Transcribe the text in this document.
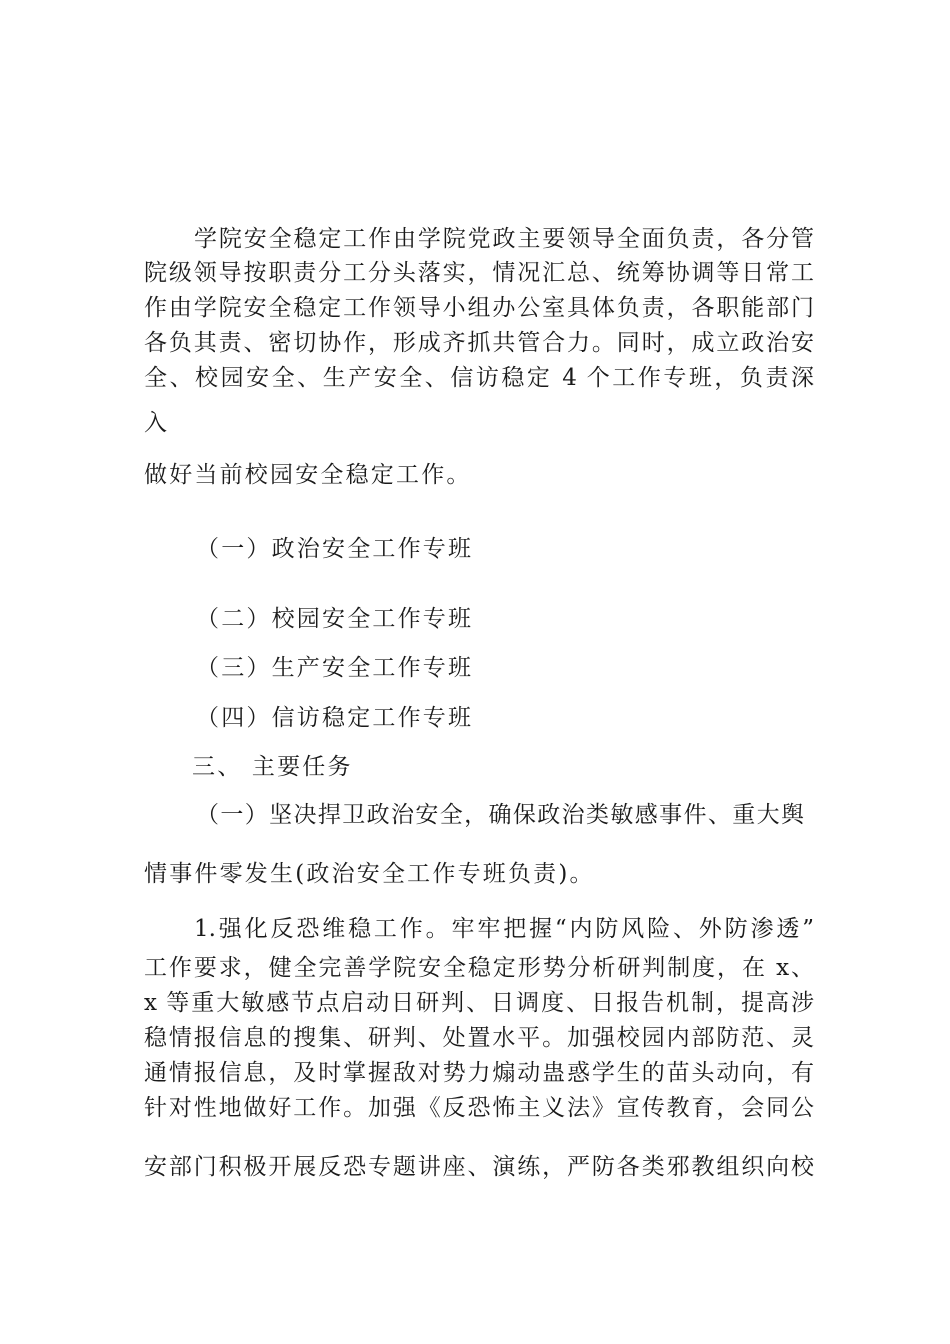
学院安全稳定工作由学院党政主要领导全面负责，各分管
院级领导按职责分工分头落实，情况汇总、统筹协调等日常工
作由学院安全稳定工作领导小组办公室具体负责，各职能部门
各负其责、密切协作，形成齐抓共管合力。同时，成立政治安
全、校园安全、生产安全、信访稳定 4 个工作专班，负责深
入
做好当前校园安全稳定工作。
（一）政治安全工作专班
（二）校园安全工作专班
（三）生产安全工作专班
（四）信访稳定工作专班
三、 主要任务
（一）坚决捍卫政治安全，确保政治类敏感事件、重大舆
情事件零发生(政治安全工作专班负责)。
1.强化反恐维稳工作。牢牢把握“内防风险、外防渗透”
工作要求，健全完善学院安全稳定形势分析研判制度，在 x、
x 等重大敏感节点启动日研判、日调度、日报告机制，提高涉
稳情报信息的搜集、研判、处置水平。加强校园内部防范、灵
通情报信息，及时掌握敌对势力煽动蛊惑学生的苗头动向，有
针对性地做好工作。加强《反恐怖主义法》宣传教育，会同公
安部门积极开展反恐专题讲座、演练，严防各类邪教组织向校
